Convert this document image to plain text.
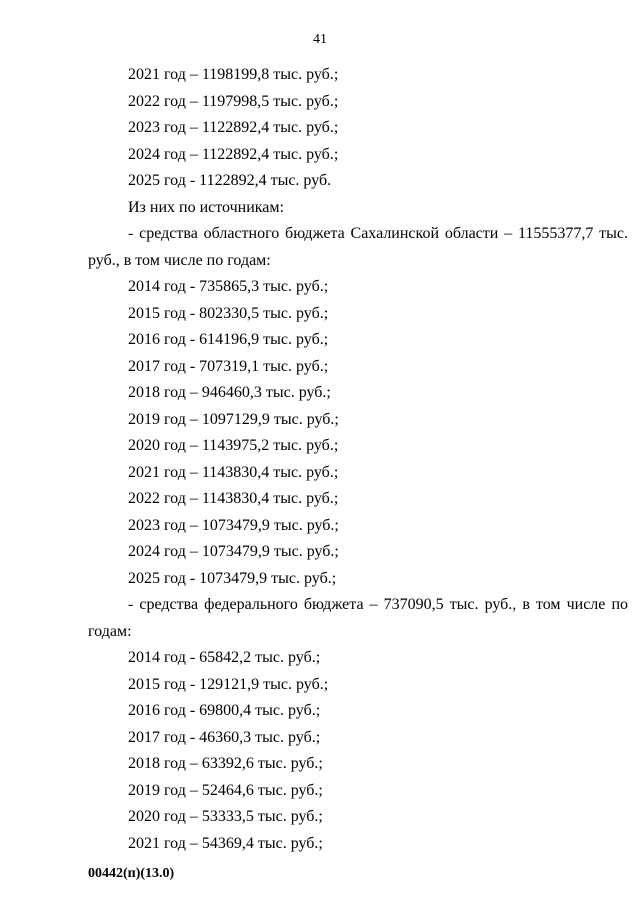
41
2021 год – 1198199,8 тыс. руб.;
2022 год – 1197998,5 тыс. руб.;
2023 год – 1122892,4 тыс. руб.;
2024 год – 1122892,4 тыс. руб.;
2025 год - 1122892,4 тыс. руб.
Из них по источникам:
- средства областного бюджета Сахалинской области – 11555377,7 тыс.
руб., в том числе по годам:
2014 год - 735865,3 тыс. руб.;
2015 год - 802330,5 тыс. руб.;
2016 год - 614196,9 тыс. руб.;
2017 год - 707319,1 тыс. руб.;
2018 год – 946460,3 тыс. руб.;
2019 год – 1097129,9 тыс. руб.;
2020 год – 1143975,2 тыс. руб.;
2021 год – 1143830,4 тыс. руб.;
2022 год – 1143830,4 тыс. руб.;
2023 год – 1073479,9 тыс. руб.;
2024 год – 1073479,9 тыс. руб.;
2025 год - 1073479,9 тыс. руб.;
- средства федерального бюджета – 737090,5 тыс. руб., в том числе по
годам:
2014 год - 65842,2 тыс. руб.;
2015 год - 129121,9 тыс. руб.;
2016 год - 69800,4 тыс. руб.;
2017 год - 46360,3 тыс. руб.;
2018 год – 63392,6 тыс. руб.;
2019 год – 52464,6 тыс. руб.;
2020 год – 53333,5 тыс. руб.;
2021 год – 54369,4 тыс. руб.;
00442(п)(13.0)
